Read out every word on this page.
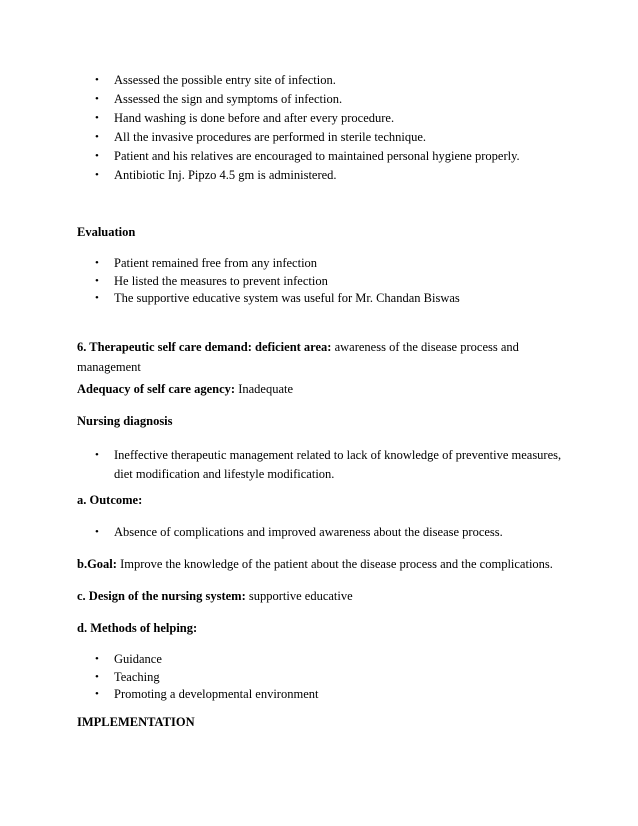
• Assessed the possible entry site of infection.
• Assessed the sign and symptoms of infection.
• Hand washing is done before and after every procedure.
• All the invasive procedures are performed in sterile technique.
• Patient and his relatives are encouraged to maintained personal hygiene properly.
• Antibiotic Inj. Pipzo 4.5 gm is administered.
Evaluation
• Patient remained free from any infection
• He listed the measures to prevent infection
• The supportive educative system was useful for Mr. Chandan Biswas
6. Therapeutic self care demand: deficient area: awareness of the disease process and management
Adequacy of self care agency: Inadequate
Nursing diagnosis
• Ineffective therapeutic management related to lack of knowledge of preventive measures, diet modification and lifestyle modification.
a. Outcome:
• Absence of complications and improved awareness about the disease process.
b.Goal: Improve the knowledge of the patient about the disease process and the complications.
c. Design of the nursing system: supportive educative
d. Methods of helping:
• Guidance
• Teaching
• Promoting a developmental environment
IMPLEMENTATION
